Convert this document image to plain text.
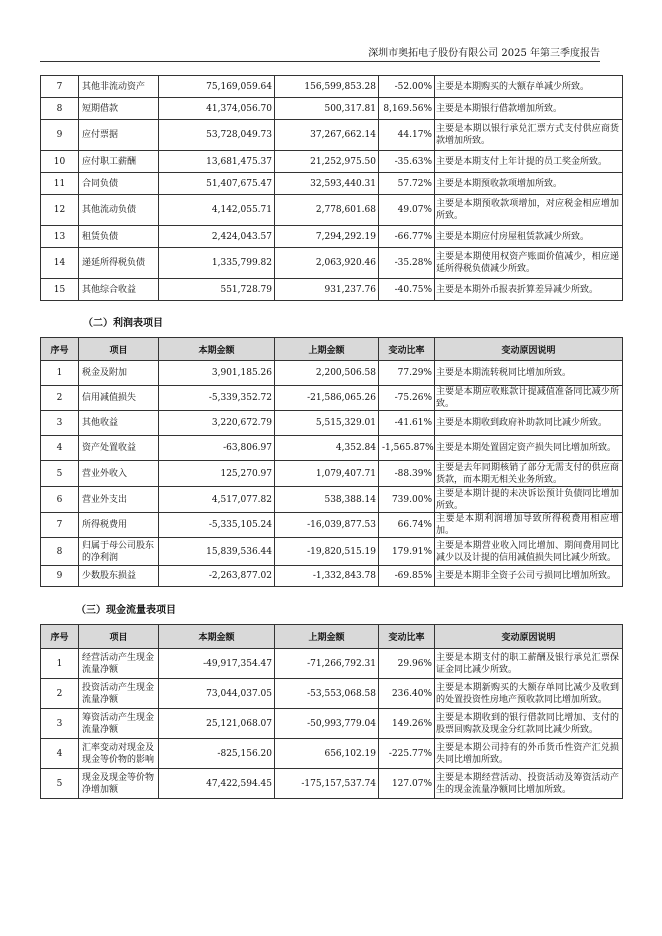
深圳市奥拓电子股份有限公司 2025 年第三季度报告
7	其他非流动资产	75,169,059.64	156,599,853.28	-52.00%	主要是本期购买的大额存单减少所致。
8	短期借款	41,374,056.70	500,317.81	8,169.56%	主要是本期银行借款增加所致。
9	应付票据	53,728,049.73	37,267,662.14	44.17%	主要是本期以银行承兑汇票方式支付供应商货款增加所致。
10	应付职工薪酬	13,681,475.37	21,252,975.50	-35.63%	主要是本期支付上年计提的员工奖金所致。
11	合同负债	51,407,675.47	32,593,440.31	57.72%	主要是本期预收款项增加所致。
12	其他流动负债	4,142,055.71	2,778,601.68	49.07%	主要是本期预收款项增加，对应税金相应增加所致。
13	租赁负债	2,424,043.57	7,294,292.19	-66.77%	主要是本期应付房屋租赁款减少所致。
14	递延所得税负债	1,335,799.82	2,063,920.46	-35.28%	主要是本期使用权资产账面价值减少，相应递延所得税负债减少所致。
15	其他综合收益	551,728.79	931,237.76	-40.75%	主要是本期外币报表折算差异减少所致。
（二）利润表项目
序号	项目	本期金额	上期金额	变动比率	变动原因说明
1	税金及附加	3,901,185.26	2,200,506.58	77.29%	主要是本期流转税同比增加所致。
2	信用减值损失	-5,339,352.72	-21,586,065.26	-75.26%	主要是本期应收账款计提减值准备同比减少所致。
3	其他收益	3,220,672.79	5,515,329.01	-41.61%	主要是本期收到政府补助款同比减少所致。
4	资产处置收益	-63,806.97	4,352.84	-1,565.87%	主要是本期处置固定资产损失同比增加所致。
5	营业外收入	125,270.97	1,079,407.71	-88.39%	主要是去年同期核销了部分无需支付的供应商货款，而本期无相关业务所致。
6	营业外支出	4,517,077.82	538,388.14	739.00%	主要是本期计提的未决诉讼预计负债同比增加所致。
7	所得税费用	-5,335,105.24	-16,039,877.53	66.74%	主要是本期利润增加导致所得税费用相应增加。
8	归属于母公司股东的净利润	15,839,536.44	-19,820,515.19	179.91%	主要是本期营业收入同比增加、期间费用同比减少以及计提的信用减值损失同比减少所致。
9	少数股东损益	-2,263,877.02	-1,332,843.78	-69.85%	主要是本期非全资子公司亏损同比增加所致。
（三）现金流量表项目
序号	项目	本期金额	上期金额	变动比率	变动原因说明
1	经营活动产生现金流量净额	-49,917,354.47	-71,266,792.31	29.96%	主要是本期支付的职工薪酬及银行承兑汇票保证金同比减少所致。
2	投资活动产生现金流量净额	73,044,037.05	-53,553,068.58	236.40%	主要是本期新购买的大额存单同比减少及收到的处置投资性房地产预收款同比增加所致。
3	筹资活动产生现金流量净额	25,121,068.07	-50,993,779.04	149.26%	主要是本期收到的银行借款同比增加、支付的股票回购款及现金分红款同比减少所致。
4	汇率变动对现金及现金等价物的影响	-825,156.20	656,102.19	-225.77%	主要是本期公司持有的外币货币性资产汇兑损失同比增加所致。
5	现金及现金等价物净增加额	47,422,594.45	-175,157,537.74	127.07%	主要是本期经营活动、投资活动及筹资活动产生的现金流量净额同比增加所致。
